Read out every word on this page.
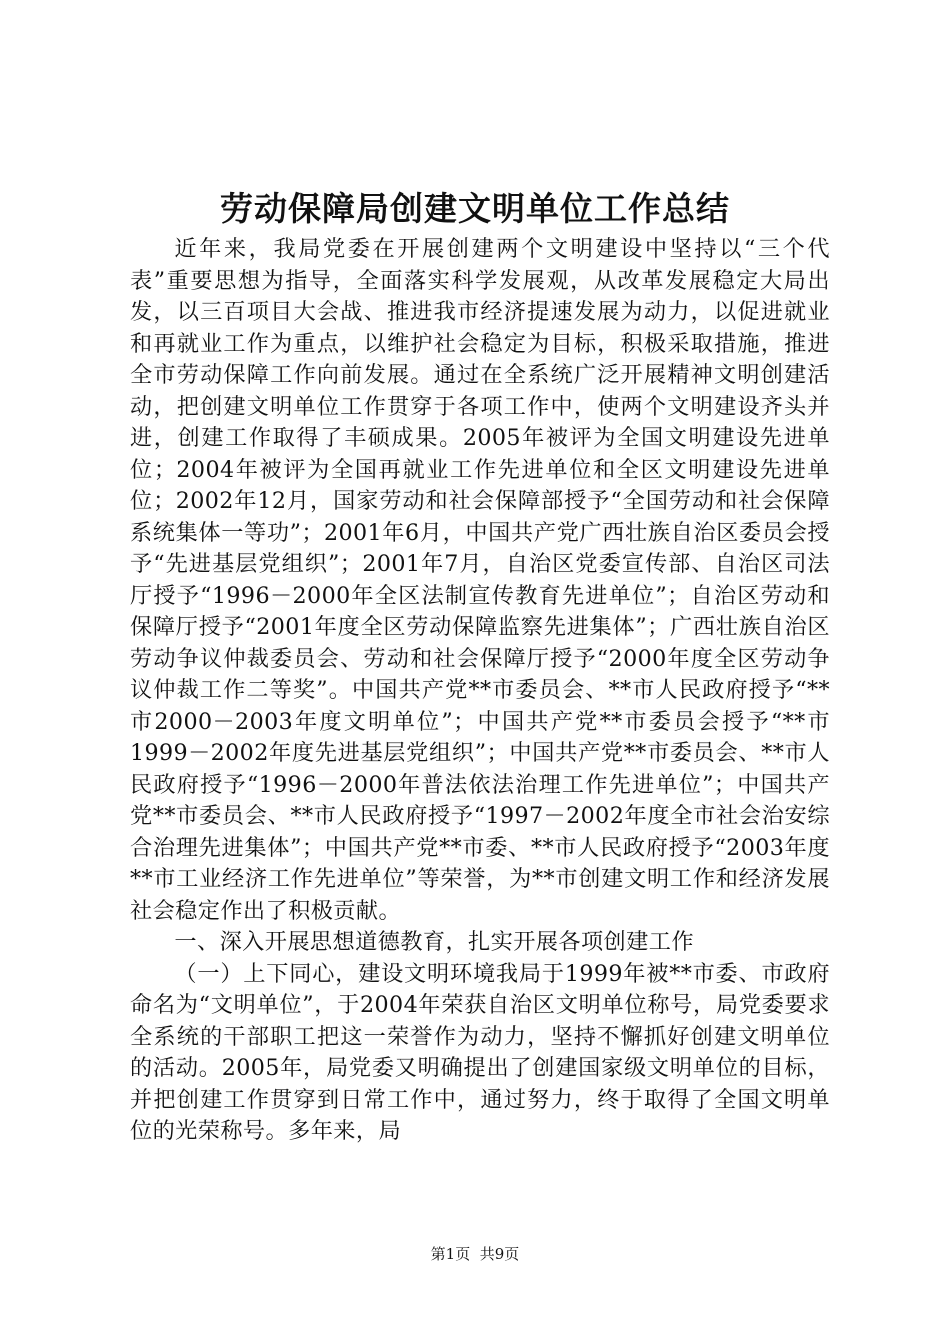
劳动保障局创建文明单位工作总结

近年来，我局党委在开展创建两个文明建设中坚持以“三个代表”重要思想为指导，全面落实科学发展观，从改革发展稳定大局出发，以三百项目大会战、推进我市经济提速发展为动力，以促进就业和再就业工作为重点，以维护社会稳定为目标，积极采取措施，推进全市劳动保障工作向前发展。通过在全系统广泛开展精神文明创建活动，把创建文明单位工作贯穿于各项工作中，使两个文明建设齐头并进，创建工作取得了丰硕成果。2005年被评为全国文明建设先进单位；2004年被评为全国再就业工作先进单位和全区文明建设先进单位；2002年12月，国家劳动和社会保障部授予“全国劳动和社会保障系统集体一等功”；2001年6月，中国共产党广西壮族自治区委员会授予“先进基层党组织”；2001年7月，自治区党委宣传部、自治区司法厅授予“1996－2000年全区法制宣传教育先进单位”；自治区劳动和保障厅授予“2001年度全区劳动保障监察先进集体”；广西壮族自治区劳动争议仲裁委员会、劳动和社会保障厅授予“2000年度全区劳动争议仲裁工作二等奖”。中国共产党**市委员会、**市人民政府授予“**市2000－2003年度文明单位”；中国共产党**市委员会授予“**市1999－2002年度先进基层党组织”；中国共产党**市委员会、**市人民政府授予“1996－2000年普法依法治理工作先进单位”；中国共产党**市委员会、**市人民政府授予“1997－2002年度全市社会治安综合治理先进集体”；中国共产党**市委、**市人民政府授予“2003年度**市工业经济工作先进单位”等荣誉，为**市创建文明工作和经济发展社会稳定作出了积极贡献。

一、深入开展思想道德教育，扎实开展各项创建工作

（一）上下同心，建设文明环境我局于1999年被**市委、市政府命名为“文明单位”，于2004年荣获自治区文明单位称号，局党委要求全系统的干部职工把这一荣誉作为动力，坚持不懈抓好创建文明单位的活动。2005年，局党委又明确提出了创建国家级文明单位的目标，并把创建工作贯穿到日常工作中，通过努力，终于取得了全国文明单位的光荣称号。多年来，局

第1页 共9页
